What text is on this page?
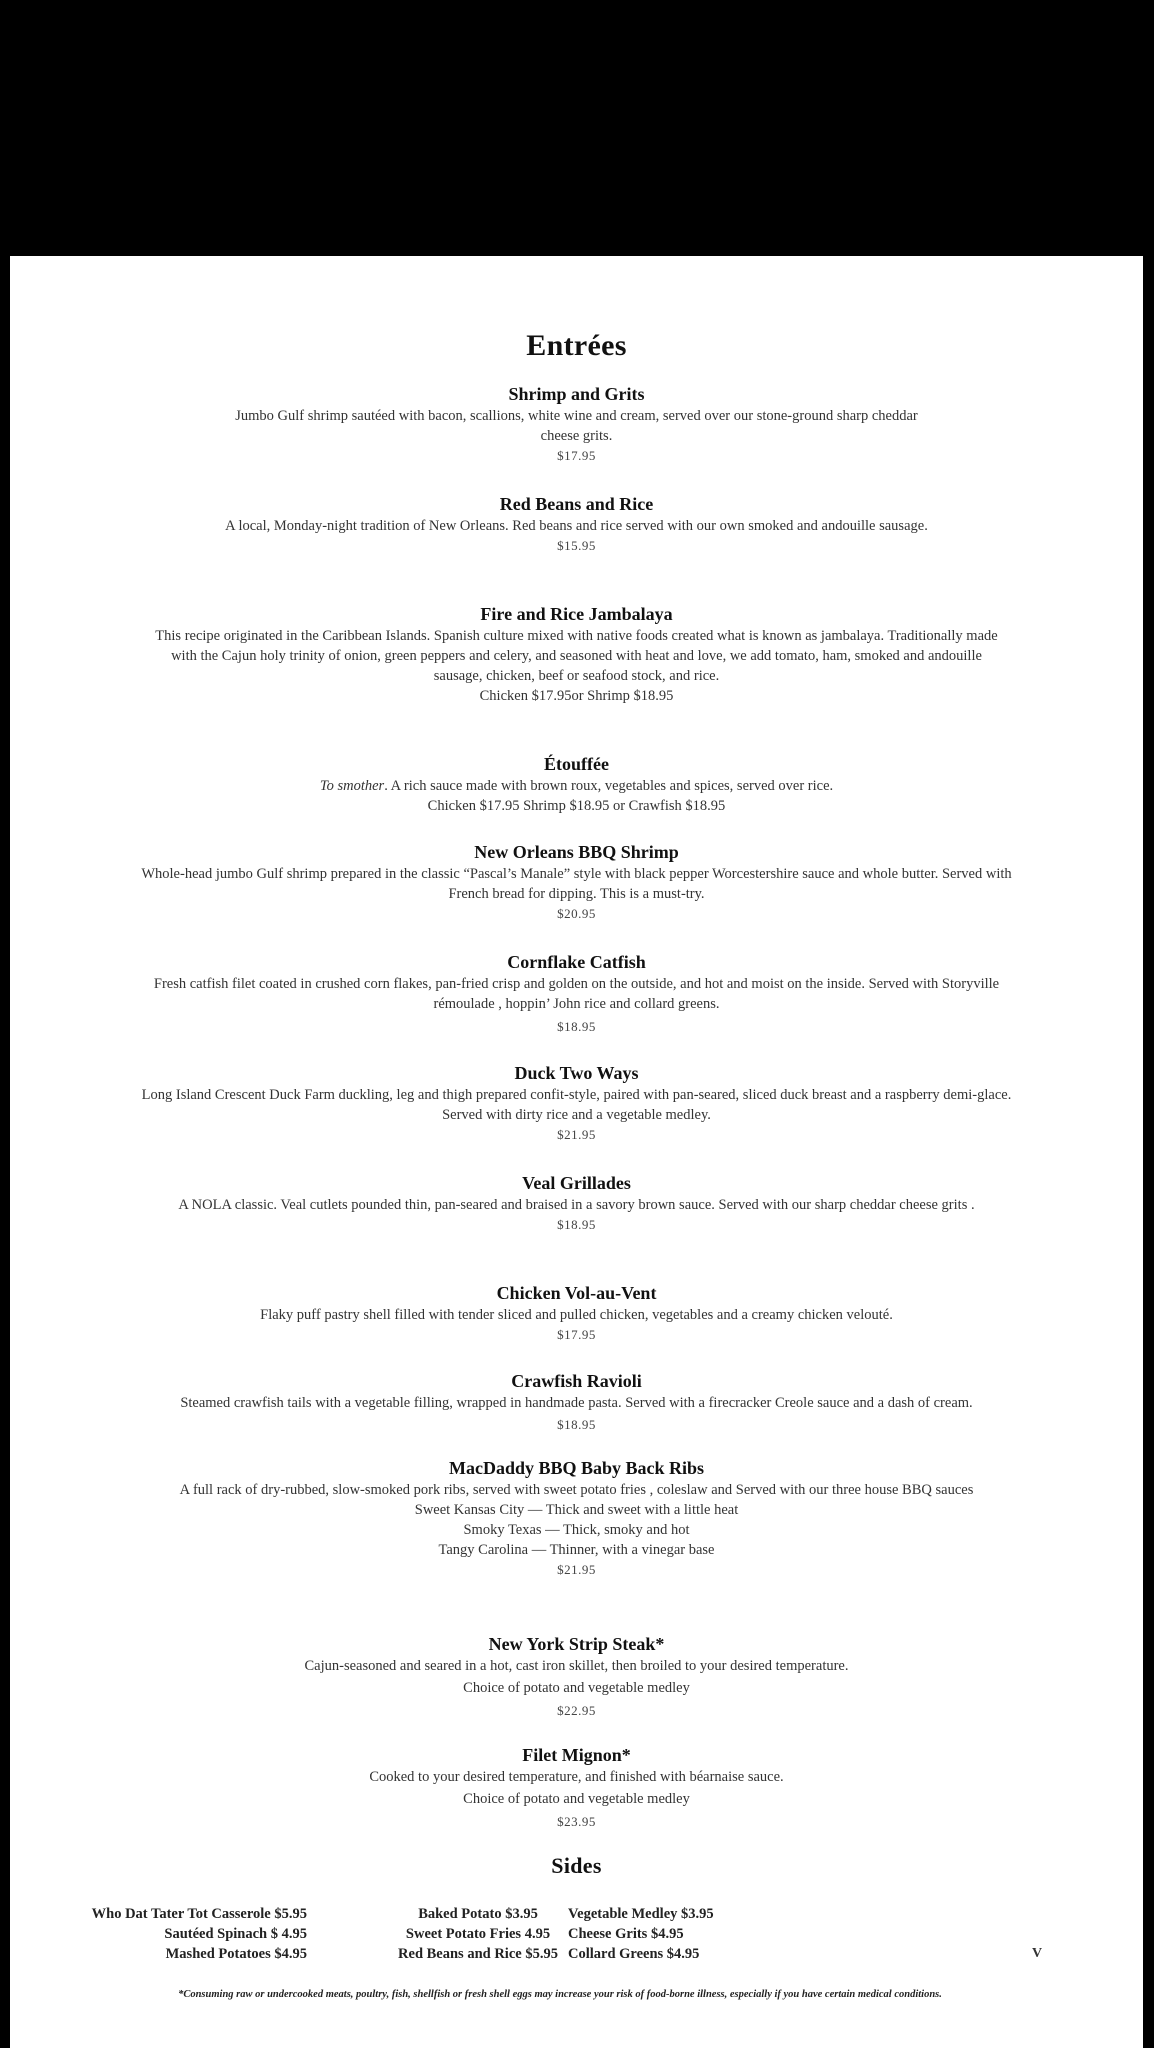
Entrées
Shrimp and Grits
Jumbo Gulf shrimp sautéed with bacon, scallions, white wine and cream, served over our stone-ground sharp cheddar cheese grits.
$17.95
Red Beans and Rice
A local, Monday-night tradition of New Orleans. Red beans and rice served with our own smoked and andouille sausage.
$15.95
Fire and Rice Jambalaya
This recipe originated in the Caribbean Islands. Spanish culture mixed with native foods created what is known as jambalaya. Traditionally made with the Cajun holy trinity of onion, green peppers and celery, and seasoned with heat and love, we add tomato, ham, smoked and andouille sausage, chicken, beef or seafood stock, and rice.
Chicken $17.95or Shrimp $18.95
Étouffée
To smother. A rich sauce made with brown roux, vegetables and spices, served over rice.
Chicken $17.95 Shrimp $18.95 or Crawfish $18.95
New Orleans BBQ Shrimp
Whole-head jumbo Gulf shrimp prepared in the classic “Pascal’s Manale” style with black pepper Worcestershire sauce and whole butter. Served with French bread for dipping. This is a must-try.
$20.95
Cornflake Catfish
Fresh catfish filet coated in crushed corn flakes, pan-fried crisp and golden on the outside, and hot and moist on the inside. Served with Storyville rémoulade , hoppin’ John rice and collard greens.
$18.95
Duck Two Ways
Long Island Crescent Duck Farm duckling, leg and thigh prepared confit-style, paired with pan-seared, sliced duck breast and a raspberry demi-glace. Served with dirty rice and a vegetable medley.
$21.95
Veal Grillades
A NOLA classic. Veal cutlets pounded thin, pan-seared and braised in a savory brown sauce. Served with our sharp cheddar cheese grits .
$18.95
Chicken Vol-au-Vent
Flaky puff pastry shell filled with tender sliced and pulled chicken, vegetables and a creamy chicken velouté.
$17.95
Crawfish Ravioli
Steamed crawfish tails with a vegetable filling, wrapped in handmade pasta. Served with a firecracker Creole sauce and a dash of cream.
$18.95
MacDaddy BBQ Baby Back Ribs
A full rack of dry-rubbed, slow-smoked pork ribs, served with sweet potato fries , coleslaw and Served with our three house BBQ sauces
Sweet Kansas City — Thick and sweet with a little heat
Smoky Texas — Thick, smoky and hot
Tangy Carolina — Thinner, with a vinegar base
$21.95
New York Strip Steak*
Cajun-seasoned and seared in a hot, cast iron skillet, then broiled to your desired temperature.
Choice of potato and vegetable medley
$22.95
Filet Mignon*
Cooked to your desired temperature, and finished with béarnaise sauce.
Choice of potato and vegetable medley
$23.95
Sides
Who Dat Tater Tot Casserole $5.95
Sautéed Spinach $ 4.95
Mashed Potatoes $4.95
Baked Potato $3.95
Sweet Potato Fries 4.95
Red Beans and Rice $5.95
Vegetable Medley $3.95
Cheese Grits $4.95
Collard Greens $4.95	V
*Consuming raw or undercooked meats, poultry, fish, shellfish or fresh shell eggs may increase your risk of food-borne illness, especially if you have certain medical conditions.
